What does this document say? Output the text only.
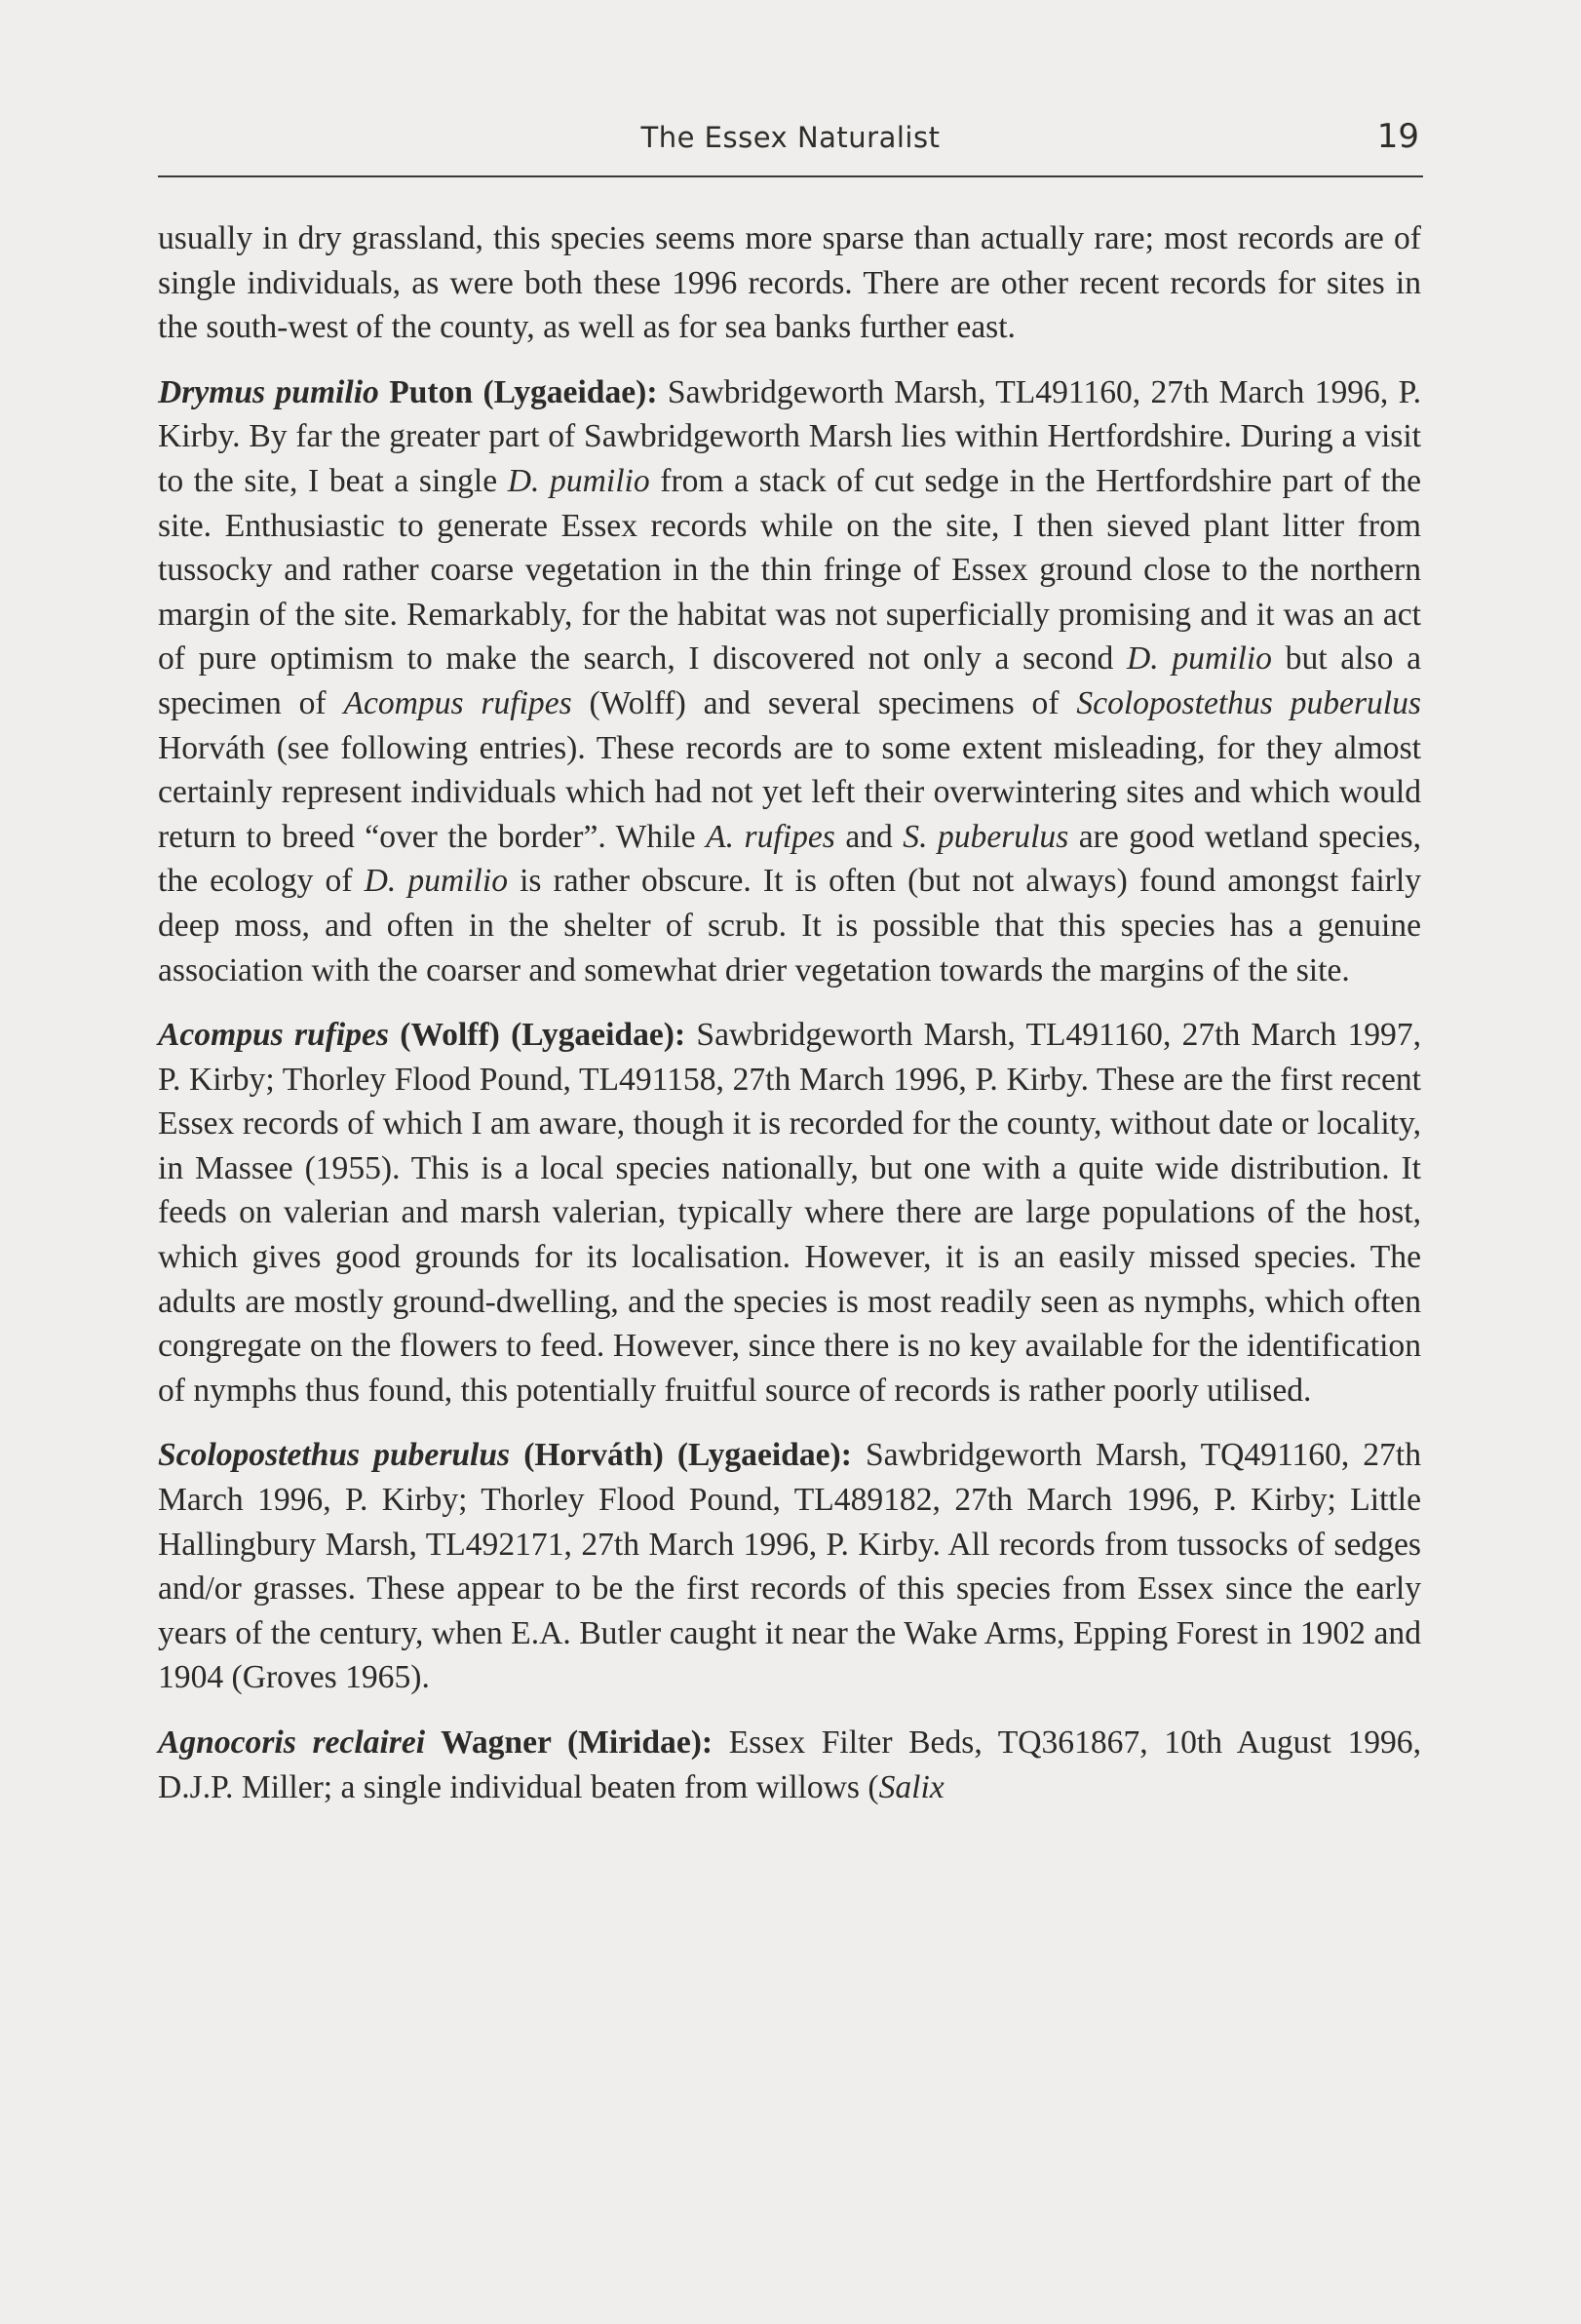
The Essex Naturalist	19

usually in dry grassland, this species seems more sparse than actually rare; most records are of single individuals, as were both these 1996 records. There are other recent records for sites in the south-west of the county, as well as for sea banks further east.

Drymus pumilio Puton (Lygaeidae): Sawbridgeworth Marsh, TL491160, 27th March 1996, P. Kirby. By far the greater part of Sawbridgeworth Marsh lies within Hertfordshire. During a visit to the site, I beat a single D. pumilio from a stack of cut sedge in the Hertfordshire part of the site. Enthusiastic to generate Essex records while on the site, I then sieved plant litter from tussocky and rather coarse vegetation in the thin fringe of Essex ground close to the northern margin of the site. Remarkably, for the habitat was not superficially promising and it was an act of pure optimism to make the search, I discovered not only a second D. pumilio but also a specimen of Acompus rufipes (Wolff) and several specimens of Scolopostethus puberulus Horváth (see following entries). These records are to some extent misleading, for they almost certainly represent individuals which had not yet left their overwintering sites and which would return to breed “over the border”. While A. rufipes and S. puberulus are good wetland species, the ecology of D. pumilio is rather obscure. It is often (but not always) found amongst fairly deep moss, and often in the shelter of scrub. It is possible that this species has a genuine association with the coarser and somewhat drier vegetation towards the margins of the site.

Acompus rufipes (Wolff) (Lygaeidae): Sawbridgeworth Marsh, TL491160, 27th March 1997, P. Kirby; Thorley Flood Pound, TL491158, 27th March 1996, P. Kirby. These are the first recent Essex records of which I am aware, though it is recorded for the county, without date or locality, in Massee (1955). This is a local species nationally, but one with a quite wide distribution. It feeds on valerian and marsh valerian, typically where there are large populations of the host, which gives good grounds for its localisation. However, it is an easily missed species. The adults are mostly ground-dwelling, and the species is most readily seen as nymphs, which often congregate on the flowers to feed. However, since there is no key available for the identification of nymphs thus found, this potentially fruitful source of records is rather poorly utilised.

Scolopostethus puberulus (Horváth) (Lygaeidae): Sawbridgeworth Marsh, TQ491160, 27th March 1996, P. Kirby; Thorley Flood Pound, TL489182, 27th March 1996, P. Kirby; Little Hallingbury Marsh, TL492171, 27th March 1996, P. Kirby. All records from tussocks of sedges and/or grasses. These appear to be the first records of this species from Essex since the early years of the century, when E.A. Butler caught it near the Wake Arms, Epping Forest in 1902 and 1904 (Groves 1965).

Agnocoris reclairei Wagner (Miridae): Essex Filter Beds, TQ361867, 10th August 1996, D.J.P. Miller; a single individual beaten from willows (Salix
